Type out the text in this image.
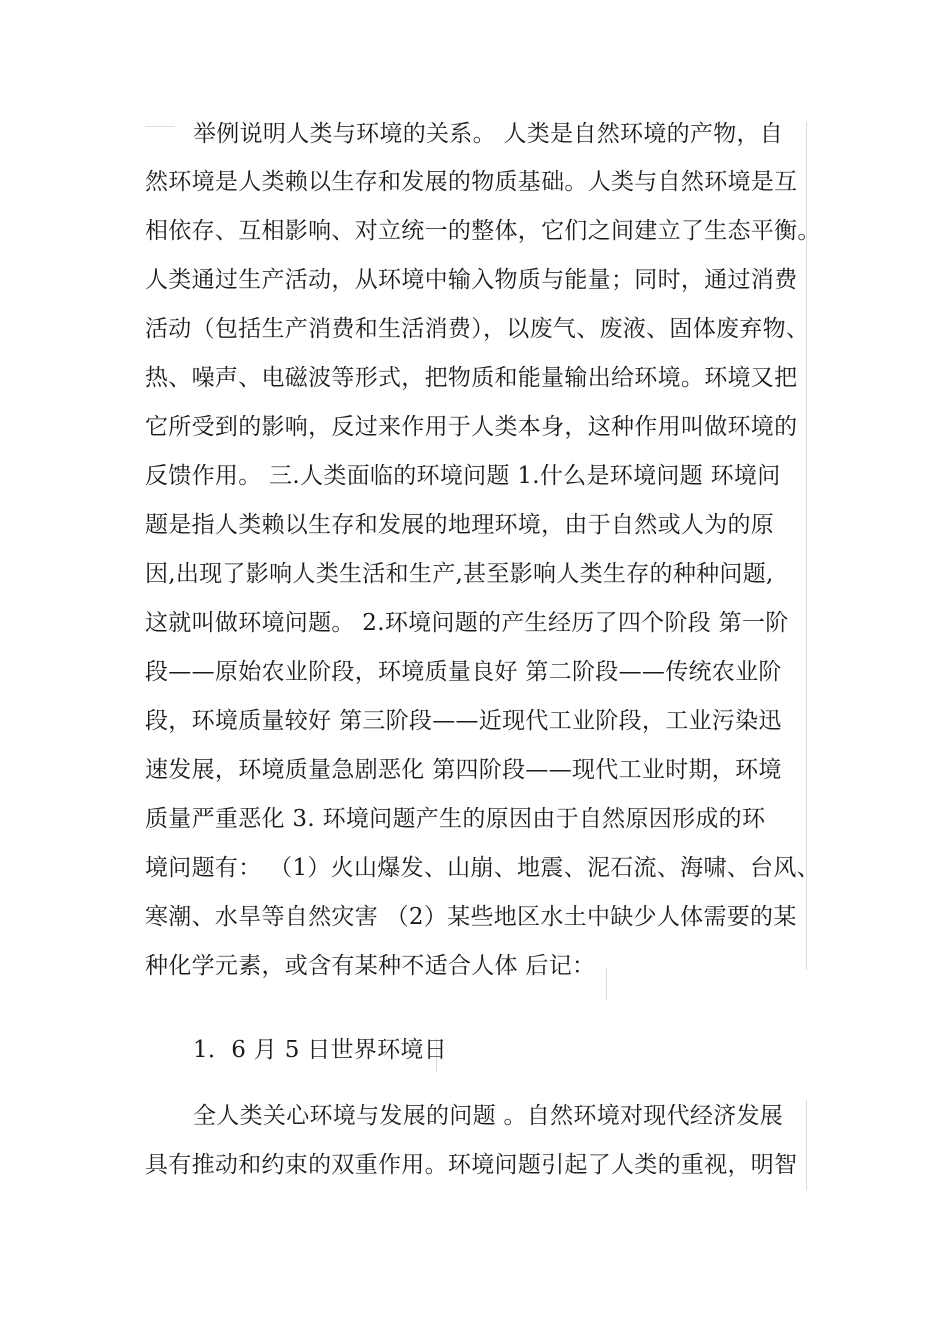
举例说明人类与环境的关系。 人类是自然环境的产物，自
然环境是人类赖以生存和发展的物质基础。人类与自然环境是互
相依存、互相影响、对立统一的整体，它们之间建立了生态平衡。
人类通过生产活动，从环境中输入物质与能量；同时，通过消费
活动（包括生产消费和生活消费），以废气、废液、固体废弃物、
热、噪声、电磁波等形式，把物质和能量输出给环境。环境又把
它所受到的影响，反过来作用于人类本身，这种作用叫做环境的
反馈作用。 三.人类面临的环境问题 1.什么是环境问题 环境问
题是指人类赖以生存和发展的地理环境，由于自然或人为的原
因,出现了影响人类生活和生产,甚至影响人类生存的种种问题,
这就叫做环境问题。 2.环境问题的产生经历了四个阶段 第一阶
段——原始农业阶段，环境质量良好 第二阶段——传统农业阶
段，环境质量较好 第三阶段——近现代工业阶段，工业污染迅
速发展，环境质量急剧恶化 第四阶段——现代工业时期，环境
质量严重恶化 3. 环境问题产生的原因由于自然原因形成的环
境问题有： （1）火山爆发、山崩、地震、泥石流、海啸、台风、
寒潮、水旱等自然灾害 （2）某些地区水土中缺少人体需要的某
种化学元素，或含有某种不适合人体 后记：
1．6 月 5 日世界环境日
全人类关心环境与发展的问题 。自然环境对现代经济发展
具有推动和约束的双重作用。环境问题引起了人类的重视，明智
